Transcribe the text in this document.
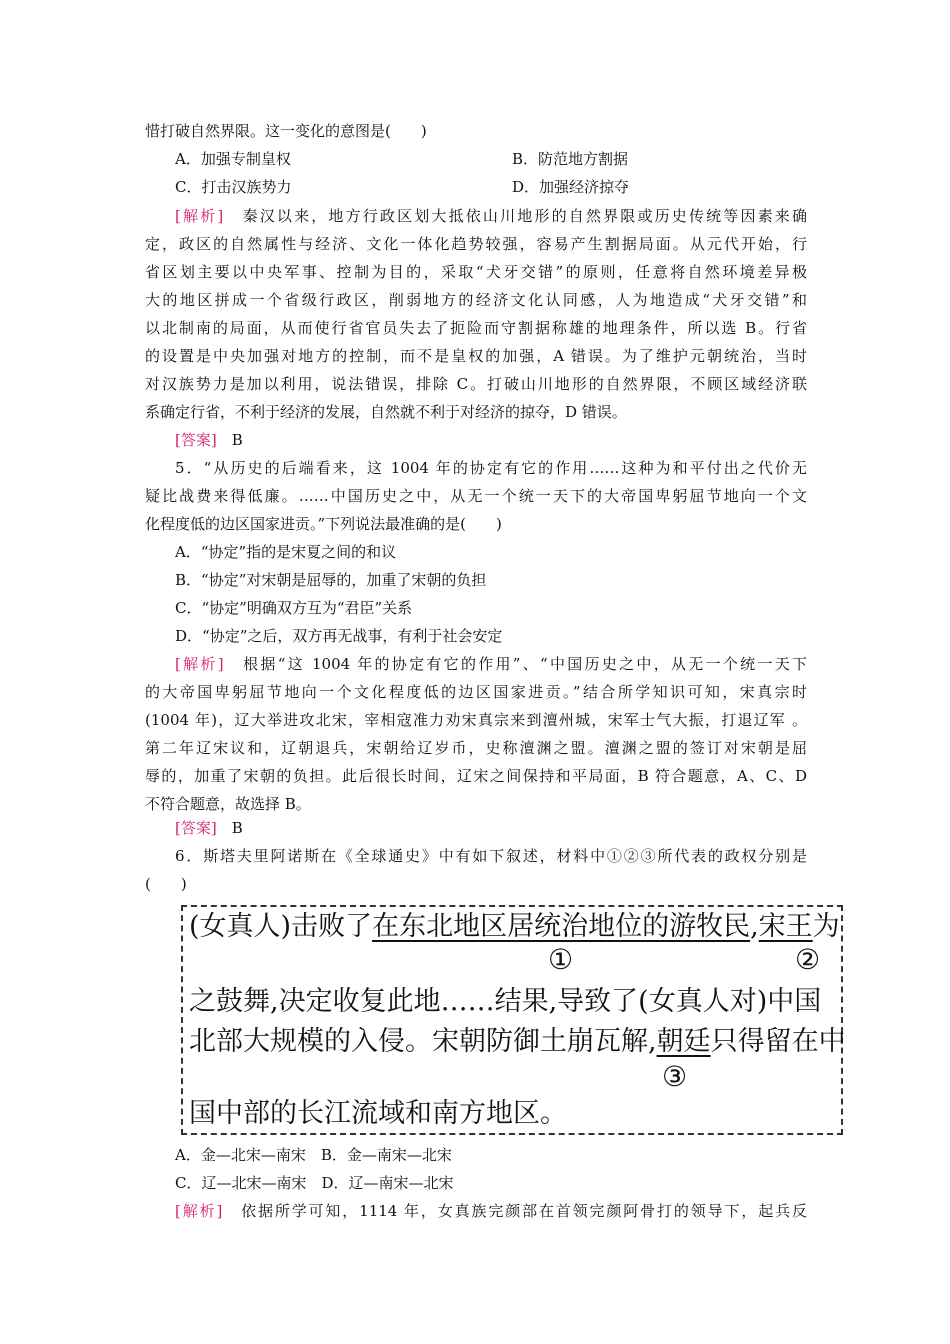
惜打破自然界限。这一变化的意图是(　　)
A．加强专制皇权	B．防范地方割据
C．打击汉族势力	D．加强经济掠夺
[解析]　 秦汉以来，地方行政区划大抵依山川地形的自然界限或历史传统等因素来确
定，政区的自然属性与经济、文化一体化趋势较强，容易产生割据局面。从元代开始，行
省区划主要以中央军事、控制为目的，采取“犬牙交错”的原则，任意将自然环境差异极
大的地区拼成一个省级行政区，削弱地方的经济文化认同感，人为地造成“犬牙交错”和
以北制南的局面，从而使行省官员失去了扼险而守割据称雄的地理条件，所以选 B。行省
的设置是中央加强对地方的控制，而不是皇权的加强，A 错误。为了维护元朝统治，当时
对汉族势力是加以利用，说法错误，排除 C。打破山川地形的自然界限，不顾区域经济联
系确定行省，不利于经济的发展，自然就不利于对经济的掠夺，D 错误。
[答案]　 B
5．“从历史的后端看来，这 1004 年的协定有它的作用……这种为和平付出之代价无
疑比战费来得低廉。……中国历史之中，从无一个统一天下的大帝国卑躬屈节地向一个文
化程度低的边区国家进贡。”下列说法最准确的是(　　)
A．“协定”指的是宋夏之间的和议
B．“协定”对宋朝是屈辱的，加重了宋朝的负担
C．“协定”明确双方互为“君臣”关系
D．“协定”之后，双方再无战事，有利于社会安定
[解析]　 根据“这 1004 年的协定有它的作用”、“中国历史之中，从无一个统一天下
的大帝国卑躬屈节地向一个文化程度低的边区国家进贡。”结合所学知识可知，宋真宗时
(1004 年)，辽大举进攻北宋，宰相寇准力劝宋真宗来到澶州城，宋军士气大振，打退辽军 。
第二年辽宋议和，辽朝退兵，宋朝给辽岁币，史称澶渊之盟。澶渊之盟的签订对宋朝是屈
辱的，加重了宋朝的负担。此后很长时间，辽宋之间保持和平局面，B 符合题意，A、C、D
不符合题意，故选择 B。
[答案]　 B
6．斯塔夫里阿诺斯在《全球通史》中有如下叙述，材料中①②③所代表的政权分别是
(　　)
(女真人)击败了在东北地区居统治地位的游牧民,宋王为
①	②
之鼓舞,决定收复此地……结果,导致了(女真人对)中国
北部大规模的入侵。宋朝防御土崩瓦解,朝廷只得留在中
③
国中部的长江流域和南方地区。
A．金—北宋—南宋　B．金—南宋—北宋
C．辽—北宋—南宋　D．辽—南宋—北宋
[解析]　 依据所学可知，1114 年，女真族完颜部在首领完颜阿骨打的领导下，起兵反
